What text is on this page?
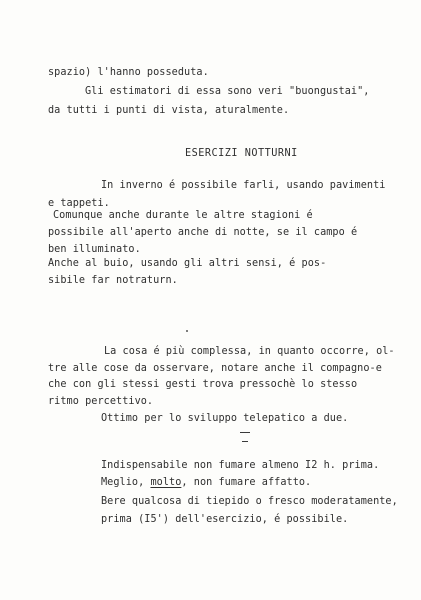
spazio) l'hanno posseduta.
Gli estimatori di essa sono veri "buongustai",
da tutti i punti di vista, aturalmente.
ESERCIZI NOTTURNI
In inverno é possibile farli, usando pavimenti
e tappeti.
Comunque anche durante le altre stagioni é
possibile all'aperto anche di notte, se il campo é
ben illuminato.
Anche al buio, usando gli altri sensi, é pos-
sibile far notraturn.
La cosa é più complessa, in quanto occorre, ol-
tre alle cose da osservare, notare anche il compagno-e
che con gli stessi gesti trova pressochè lo stesso
ritmo percettivo.
Ottimo per lo sviluppo telepatico a due.
Indispensabile non fumare almeno I2 h. prima.
Meglio, molto, non fumare affatto.
Bere qualcosa di tiepido o fresco moderatamente,
prima (I5') dell'esercizio, é possibile.
